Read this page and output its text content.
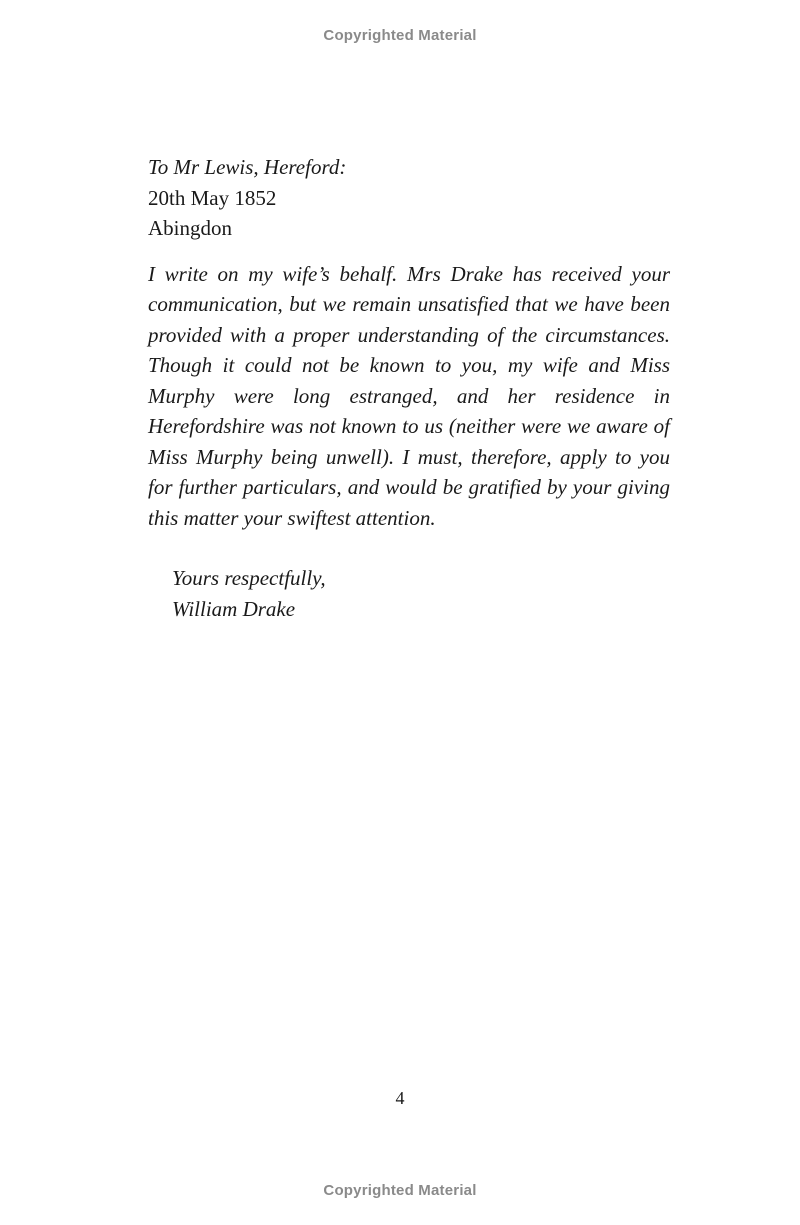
Copyrighted Material
To Mr Lewis, Hereford:
20th May 1852
Abingdon
I write on my wife’s behalf. Mrs Drake has received your communication, but we remain unsatisfied that we have been provided with a proper understanding of the circumstances. Though it could not be known to you, my wife and Miss Murphy were long estranged, and her residence in Herefordshire was not known to us (neither were we aware of Miss Murphy being unwell). I must, therefore, apply to you for further particulars, and would be gratified by your giving this matter your swiftest attention.
Yours respectfully,
William Drake
4
Copyrighted Material
